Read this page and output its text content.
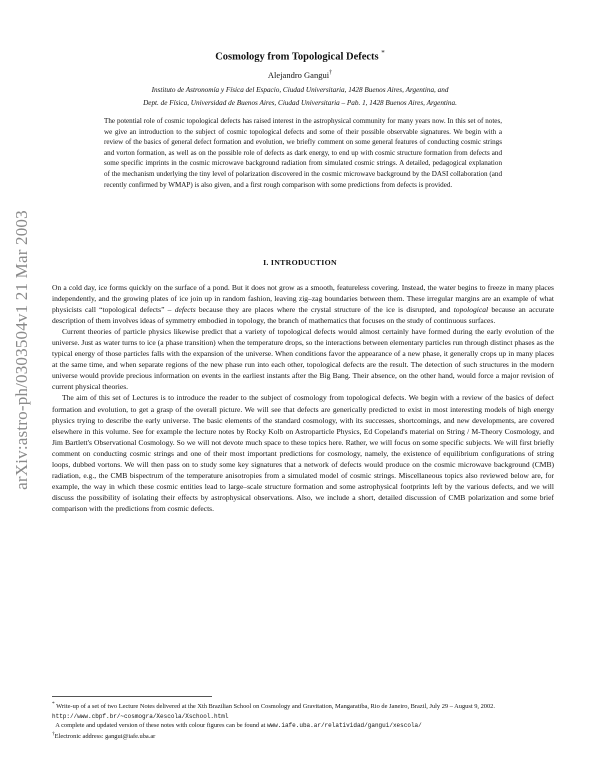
arXiv:astro-ph/0303504v1 21 Mar 2003
Cosmology from Topological Defects *
Alejandro Gangui†
Instituto de Astronomía y Física del Espacio, Ciudad Universitaria, 1428 Buenos Aires, Argentina, and
Dept. de Física, Universidad de Buenos Aires, Ciudad Universitaria – Pab. 1, 1428 Buenos Aires, Argentina.
The potential role of cosmic topological defects has raised interest in the astrophysical community for many years now. In this set of notes, we give an introduction to the subject of cosmic topological defects and some of their possible observable signatures. We begin with a review of the basics of general defect formation and evolution, we briefly comment on some general features of conducting cosmic strings and vorton formation, as well as on the possible role of defects as dark energy, to end up with cosmic structure formation from defects and some specific imprints in the cosmic microwave background radiation from simulated cosmic strings. A detailed, pedagogical explanation of the mechanism underlying the tiny level of polarization discovered in the cosmic microwave background by the DASI collaboration (and recently confirmed by WMAP) is also given, and a first rough comparison with some predictions from defects is provided.
I. INTRODUCTION

On a cold day, ice forms quickly on the surface of a pond. But it does not grow as a smooth, featureless covering. Instead, the water begins to freeze in many places independently, and the growing plates of ice join up in random fashion, leaving zig–zag boundaries between them. These irregular margins are an example of what physicists call “topological defects” – defects because they are places where the crystal structure of the ice is disrupted, and topological because an accurate description of them involves ideas of symmetry embodied in topology, the branch of mathematics that focuses on the study of continuous surfaces.

Current theories of particle physics likewise predict that a variety of topological defects would almost certainly have formed during the early evolution of the universe. Just as water turns to ice (a phase transition) when the temperature drops, so the interactions between elementary particles run through distinct phases as the typical energy of those particles falls with the expansion of the universe. When conditions favor the appearance of a new phase, it generally crops up in many places at the same time, and when separate regions of the new phase run into each other, topological defects are the result. The detection of such structures in the modern universe would provide precious information on events in the earliest instants after the Big Bang. Their absence, on the other hand, would force a major revision of current physical theories.

The aim of this set of Lectures is to introduce the reader to the subject of cosmology from topological defects. We begin with a review of the basics of defect formation and evolution, to get a grasp of the overall picture. We will see that defects are generically predicted to exist in most interesting models of high energy physics trying to describe the early universe. The basic elements of the standard cosmology, with its successes, shortcomings, and new developments, are covered elsewhere in this volume. See for example the lecture notes by Rocky Kolb on Astroparticle Physics, Ed Copeland's material on String / M-Theory Cosmology, and Jim Bartlett's Observational Cosmology. So we will not devote much space to these topics here. Rather, we will focus on some specific subjects. We will first briefly comment on conducting cosmic strings and one of their most important predictions for cosmology, namely, the existence of equilibrium configurations of string loops, dubbed vortons. We will then pass on to study some key signatures that a network of defects would produce on the cosmic microwave background (CMB) radiation, e.g., the CMB bispectrum of the temperature anisotropies from a simulated model of cosmic strings. Miscellaneous topics also reviewed below are, for example, the way in which these cosmic entities lead to large–scale structure formation and some astrophysical footprints left by the various defects, and we will discuss the possibility of isolating their effects by astrophysical observations. Also, we include a short, detailed discussion of CMB polarization and some brief comparison with the predictions from cosmic defects.

* Write-up of a set of two Lecture Notes delivered at the Xth Brazilian School on Cosmology and Gravitation, Mangaratiba, Rio de Janeiro, Brazil, July 29 – August 9, 2002. http://www.cbpf.br/~cosmogra/Xescola/Xschool.html
A complete and updated version of these notes with colour figures can be found at www.iafe.uba.ar/relatividad/gangui/xescola/
†Electronic address: gangui@iafe.uba.ar
